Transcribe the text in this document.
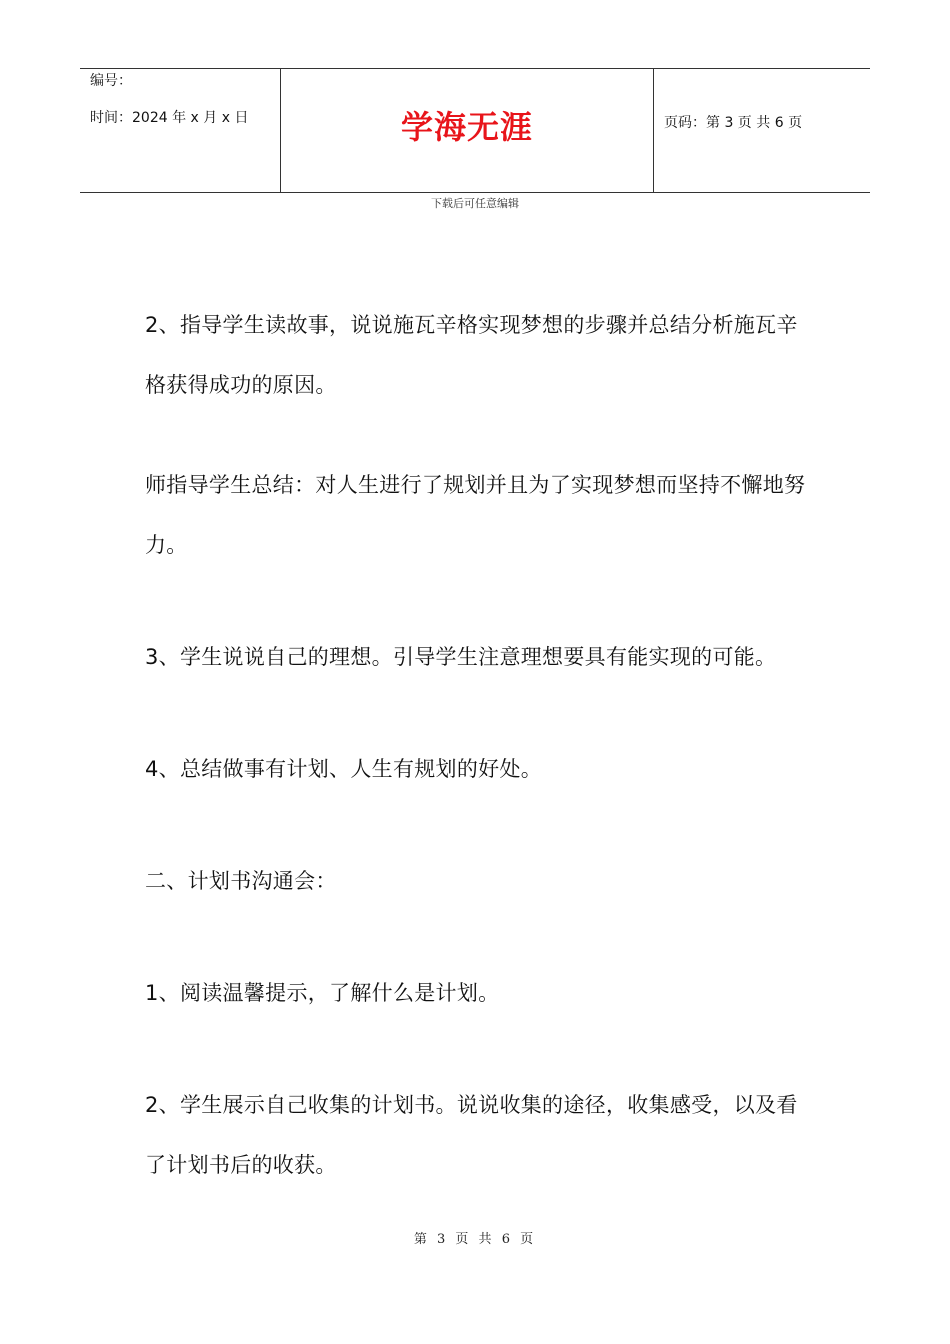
编号：
时间：2024 年 x 月 x 日	学海无涯	页码：第 3 页 共 6 页
下载后可任意编辑

2、指导学生读故事，说说施瓦辛格实现梦想的步骤并总结分析施瓦辛格获得成功的原因。

师指导学生总结：对人生进行了规划并且为了实现梦想而坚持不懈地努力。

3、学生说说自己的理想。引导学生注意理想要具有能实现的可能。

4、总结做事有计划、人生有规划的好处。

二、计划书沟通会：

1、阅读温馨提示，了解什么是计划。

2、学生展示自己收集的计划书。说说收集的途径，收集感受，以及看了计划书后的收获。

第 3 页 共 6 页
